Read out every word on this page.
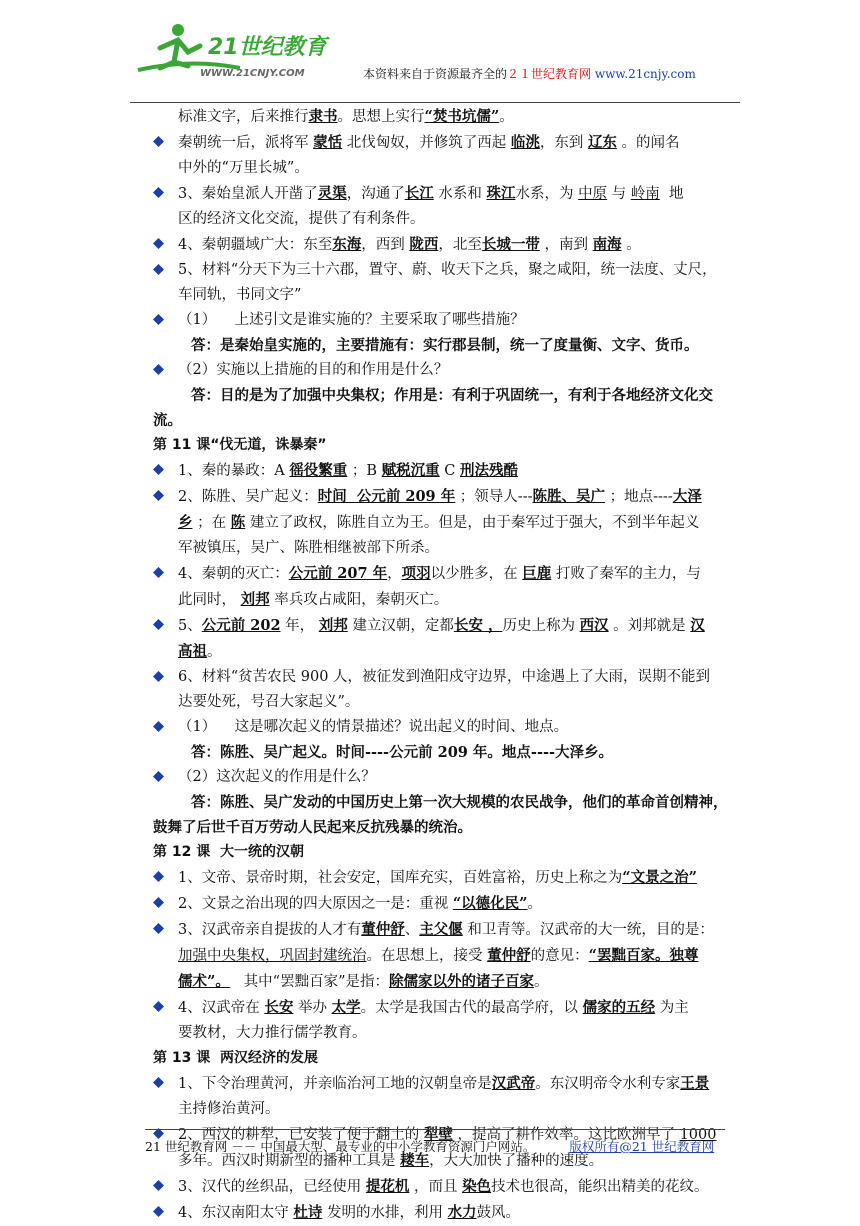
21世纪教育
WWW.21CNJY.COM	本资料来自于资源最齐全的２１世纪教育网 www.21cnjy.com
标准文字，后来推行隶书。思想上实行“焚书坑儒”。
秦朝统一后，派将军 蒙恬 北伐匈奴，并修筑了西起 临洮，东到 辽东 。的闻名
中外的“万里长城”。
3、秦始皇派人开凿了灵渠，沟通了长江 水系和 珠江水系，为 中原 与 岭南  地
区的经济文化交流，提供了有利条件。
4、秦朝疆域广大：东至东海，西到 陇西，北至长城一带 ，南到 南海 。
5、材料“分天下为三十六郡，置守、蔚、收天下之兵，聚之咸阳，统一法度、丈尺，
车同轨，书同文字”
（1）    上述引文是谁实施的？主要采取了哪些措施？
答：是秦始皇实施的，主要措施有：实行郡县制，统一了度量衡、文字、货币。
（2）实施以上措施的目的和作用是什么？
答：目的是为了加强中央集权；作用是：有利于巩固统一，有利于各地经济文化交
流。
第 11 课“伐无道，诛暴秦”
1、秦的暴政：A 徭役繁重 ；B 赋税沉重 C 刑法残酷
2、陈胜、吴广起义：时间  公元前 209 年 ；领导人---陈胜、吴广 ；地点----大泽
乡 ；在 陈 建立了政权，陈胜自立为王。但是，由于秦军过于强大，不到半年起义
军被镇压，吴广、陈胜相继被部下所杀。
4、秦朝的灭亡：公元前 207 年，项羽以少胜多，在 巨鹿 打败了秦军的主力，与
此同时， 刘邦 率兵攻占咸阳，秦朝灭亡。
5、公元前 202 年， 刘邦 建立汉朝，定都长安 ，历史上称为 西汉 。刘邦就是 汉
高祖。
6、材料“贫苦农民 900 人，被征发到渔阳戍守边界，中途遇上了大雨，误期不能到
达要处死，号召大家起义”。
（1）    这是哪次起义的情景描述？说出起义的时间、地点。
答：陈胜、吴广起义。时间----公元前 209 年。地点----大泽乡。
（2）这次起义的作用是什么？
答：陈胜、吴广发动的中国历史上第一次大规模的农民战争，他们的革命首创精神，
鼓舞了后世千百万劳动人民起来反抗残暴的统治。
第 12 课  大一统的汉朝
1、文帝、景帝时期，社会安定，国库充实，百姓富裕，历史上称之为“文景之治”
2、文景之治出现的四大原因之一是：重视 “以德化民”。
3、汉武帝亲自提拔的人才有董仲舒、主父偃 和卫青等。汉武帝的大一统，目的是：
加强中央集权，巩固封建统治。在思想上，接受 董仲舒的意见：“罢黜百家。独尊
儒术”。   其中“罢黜百家”是指：除儒家以外的诸子百家。
4、汉武帝在 长安 举办 太学。太学是我国古代的最高学府，以 儒家的五经 为主
要教材，大力推行儒学教育。
第 13 课  两汉经济的发展
1、下令治理黄河，并亲临治河工地的汉朝皇帝是汉武帝。东汉明帝令水利专家王景
主持修治黄河。
2、西汉的耕犁，已安装了便于翻土的 犁壁 ，提高了耕作效率。这比欧洲早了 1000
多年。西汉时期新型的播种工具是 耧车，大大加快了播种的速度。
3、汉代的丝织品，已经使用 提花机 ，而且 染色技术也很高，能织出精美的花纹。
4、东汉南阳太守 杜诗 发明的水排，利用 水力鼓风。
21 世纪教育网 －－ 中国最大型、最专业的中小学教育资源门户网站。	版权所有@21 世纪教育网
